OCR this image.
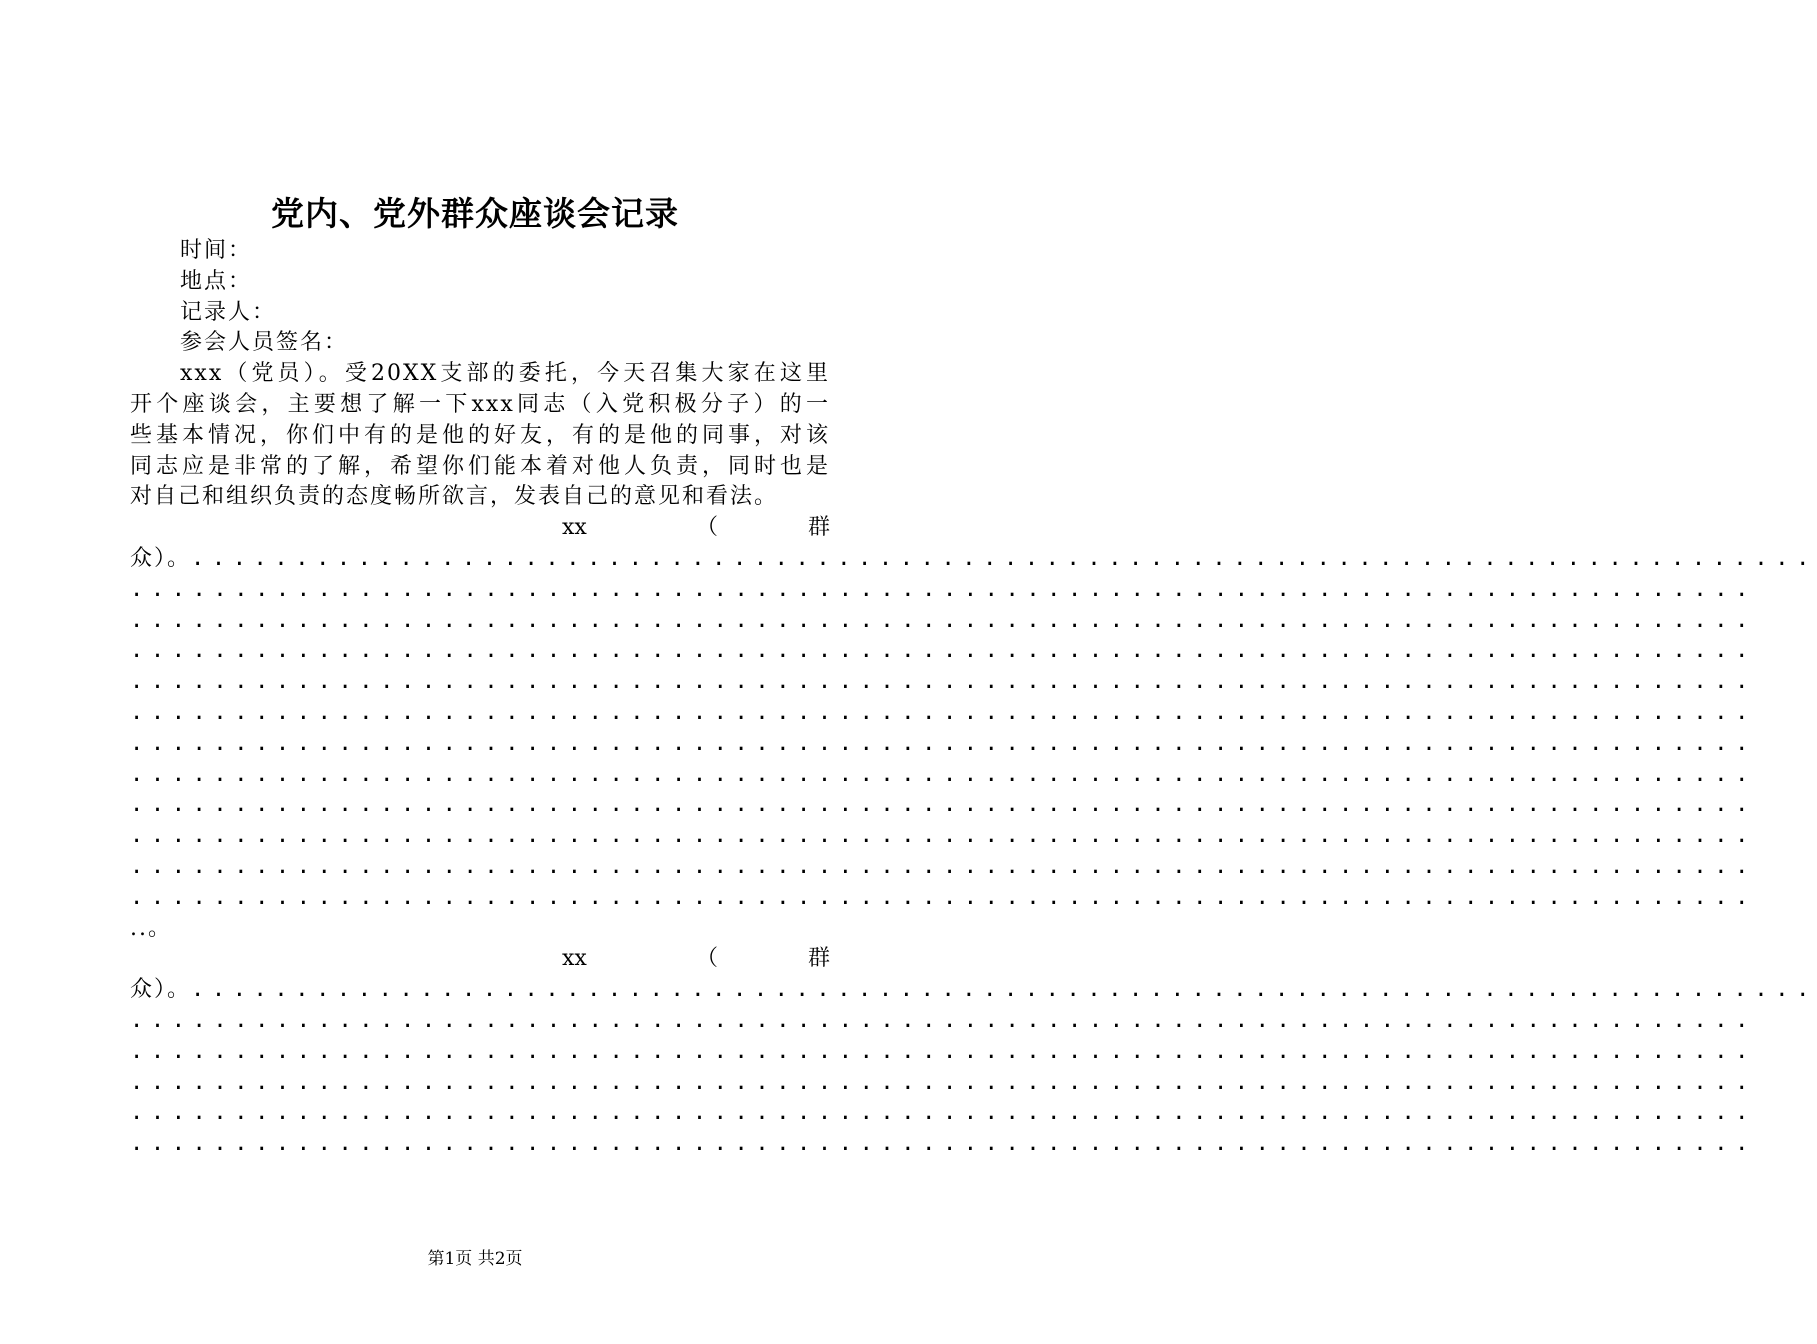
党内、党外群众座谈会记录
时间：
地点：
记录人：
参会人员签名：
xxx（党员）。受20XX支部的委托，今天召集大家在这里
开个座谈会，主要想了解一下xxx同志（入党积极分子）的一
些基本情况，你们中有的是他的好友，有的是他的同事，对该
同志应是非常的了解，希望你们能本着对他人负责，同时也是
对自己和组织负责的态度畅所欲言，发表自己的意见和看法。
xx	（	群
众）。..............................................................................
..............................................................................
..............................................................................
..............................................................................
..............................................................................
..............................................................................
..............................................................................
..............................................................................
..............................................................................
..............................................................................
..............................................................................
..............................................................................
..。
xx	（	群
众）。..............................................................................
..............................................................................
..............................................................................
..............................................................................
..............................................................................
..............................................................................
第1页 共2页
